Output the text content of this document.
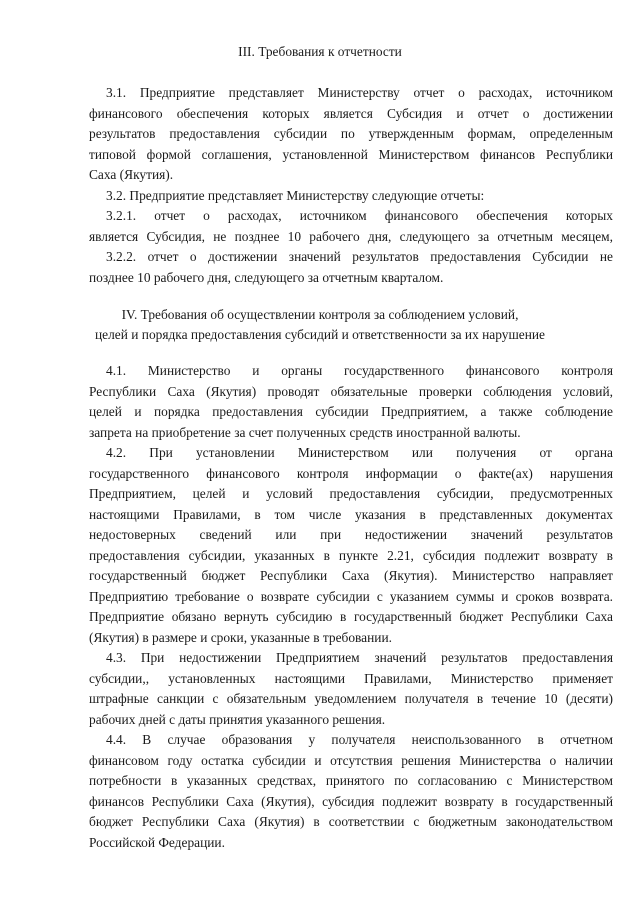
III. Требования к отчетности
3.1. Предприятие представляет Министерству отчет о расходах, источником
финансового обеспечения которых является Субсидия и отчет о достижении
результатов предоставления субсидии по утвержденным формам, определенным
типовой формой соглашения, установленной Министерством финансов Республики
Саха (Якутия).
3.2. Предприятие представляет Министерству следующие отчеты:
3.2.1. отчет о расходах, источником финансового обеспечения которых
является Субсидия, не позднее 10 рабочего дня, следующего за отчетным месяцем,
3.2.2. отчет о достижении значений результатов предоставления Субсидии не
позднее 10 рабочего дня, следующего за отчетным кварталом.
IV. Требования об осуществлении контроля за соблюдением условий,
целей и порядка предоставления субсидий и ответственности за их нарушение
4.1. Министерство и органы государственного финансового контроля
Республики Саха (Якутия) проводят обязательные проверки соблюдения условий,
целей и порядка предоставления субсидии Предприятием, а также соблюдение
запрета на приобретение за счет полученных средств иностранной валюты.
4.2. При установлении Министерством или получения от органа
государственного финансового контроля информации о факте(ах) нарушения
Предприятием, целей и условий предоставления субсидии, предусмотренных
настоящими Правилами, в том числе указания в представленных документах
недостоверных сведений или при недостижении значений результатов
предоставления субсидии, указанных в пункте 2.21, субсидия подлежит возврату в
государственный бюджет Республики Саха (Якутия). Министерство направляет
Предприятию требование о возврате субсидии с указанием суммы и сроков возврата.
Предприятие обязано вернуть субсидию в государственный бюджет Республики Саха
(Якутия) в размере и сроки, указанные в требовании.
4.3. При недостижении Предприятием значений результатов предоставления
субсидии,, установленных настоящими Правилами, Министерство применяет
штрафные санкции с обязательным уведомлением получателя в течение 10 (десяти)
рабочих дней с даты принятия указанного решения.
4.4. В случае образования у получателя неиспользованного в отчетном
финансовом году остатка субсидии и отсутствия решения Министерства о наличии
потребности в указанных средствах, принятого по согласованию с Министерством
финансов Республики Саха (Якутия), субсидия подлежит возврату в государственный
бюджет Республики Саха (Якутия) в соответствии с бюджетным законодательством
Российской Федерации.
